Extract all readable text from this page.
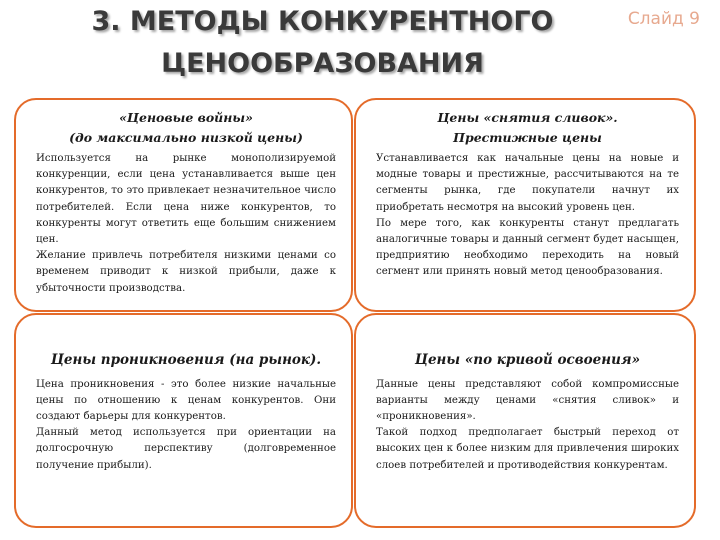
Слайд 9
3. МЕТОДЫ КОНКУРЕНТНОГО
ЦЕНООБРАЗОВАНИЯ
«Ценовые войны»
(до максимально низкой цены)

Используется на рынке монополизируемой конкуренции, если цена устанавливается выше цен конкурентов, то это привлекает незначительное число потребителей. Если цена ниже конкурентов, то конкуренты могут ответить еще большим снижением цен.
Желание привлечь потребителя низкими ценами со временем приводит к низкой прибыли, даже к убыточности производства.

Цены «снятия сливок».
Престижные цены

Устанавливается как начальные цены на новые и модные товары и престижные, рассчитываются на те сегменты рынка, где покупатели начнут их приобретать несмотря на высокий уровень цен.
По мере того, как конкуренты станут предлагать аналогичные товары и данный сегмент будет насыщен, предприятию необходимо переходить на новый сегмент или принять новый метод ценообразования.

Цены проникновения (на рынок).

Цена проникновения - это более низкие начальные цены по отношению к ценам конкурентов. Они создают барьеры для конкурентов.
Данный метод используется при ориентации на долгосрочную перспективу (долговременное получение прибыли).

Цены «по кривой освоения»

Данные цены представляют собой компромиссные варианты между ценами «снятия сливок» и «проникновения».
Такой подход предполагает быстрый переход от высоких цен к более низким для привлечения широких слоев потребителей и противодействия конкурентам.
